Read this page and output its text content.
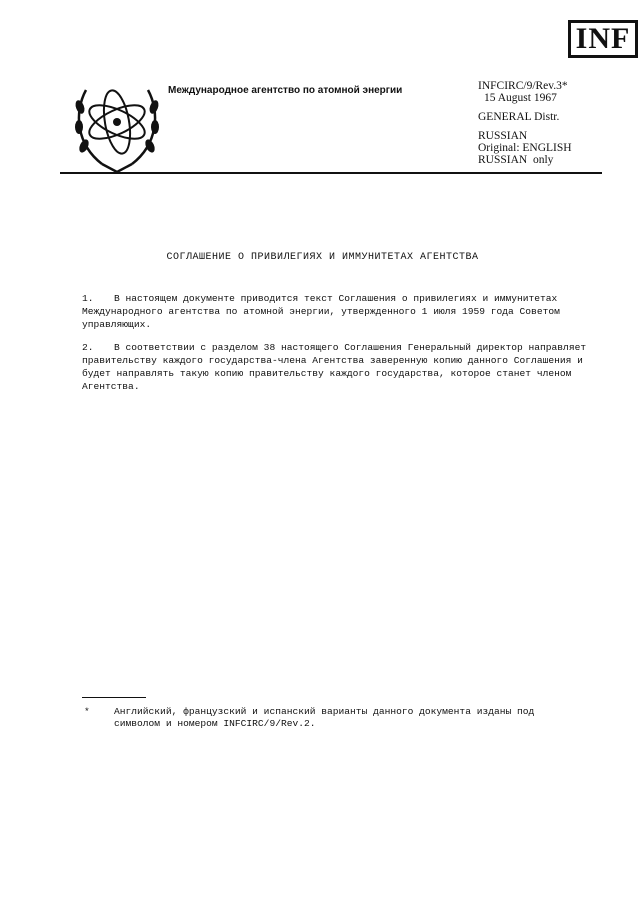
INF
Международное агентство по атомной энергии	INFCIRC/9/Rev.3*
15 August 1967
GENERAL Distr.
RUSSIAN
Original: ENGLISH
RUSSIAN  only
СОГЛАШЕНИЕ О ПРИВИЛЕГИЯХ И ИММУНИТЕТАХ АГЕНТСТВА
1. В настоящем документе приводится текст Соглашения о привилегиях и иммунитетах Международного агентства по атомной энергии, утвержденного 1 июля 1959 года Советом управляющих.
2. В соответствии с разделом 38 настоящего Соглашения Генеральный директор направляет правительству каждого государства-члена Агентства заверенную копию данного Соглашения и будет направлять такую копию правительству каждого государства, которое станет членом Агентства.
*	Английский, французский и испанский варианты данного документа изданы под символом и номером INFCIRC/9/Rev.2.
